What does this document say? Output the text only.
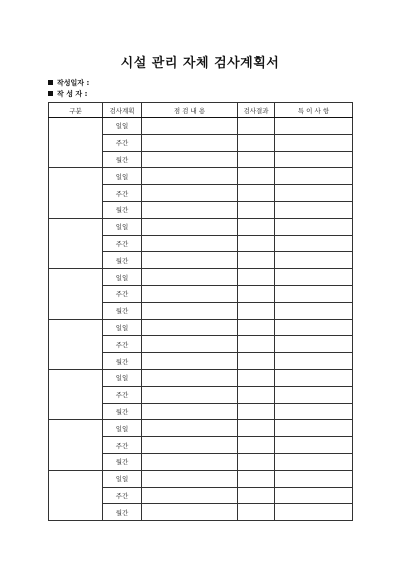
시설 관리 자체 검사계획서
작성일자 :
작 성 자 :
구분	검사계획	점 검 내 용	검사결과	특 이 사 항
	일일			
	주간			
	월간			
	일일			
	주간			
	월간			
	일일			
	주간			
	월간			
	일일			
	주간			
	월간			
	일일			
	주간			
	월간			
	일일			
	주간			
	월간			
	일일			
	주간			
	월간			
	일일			
	주간			
	월간			
